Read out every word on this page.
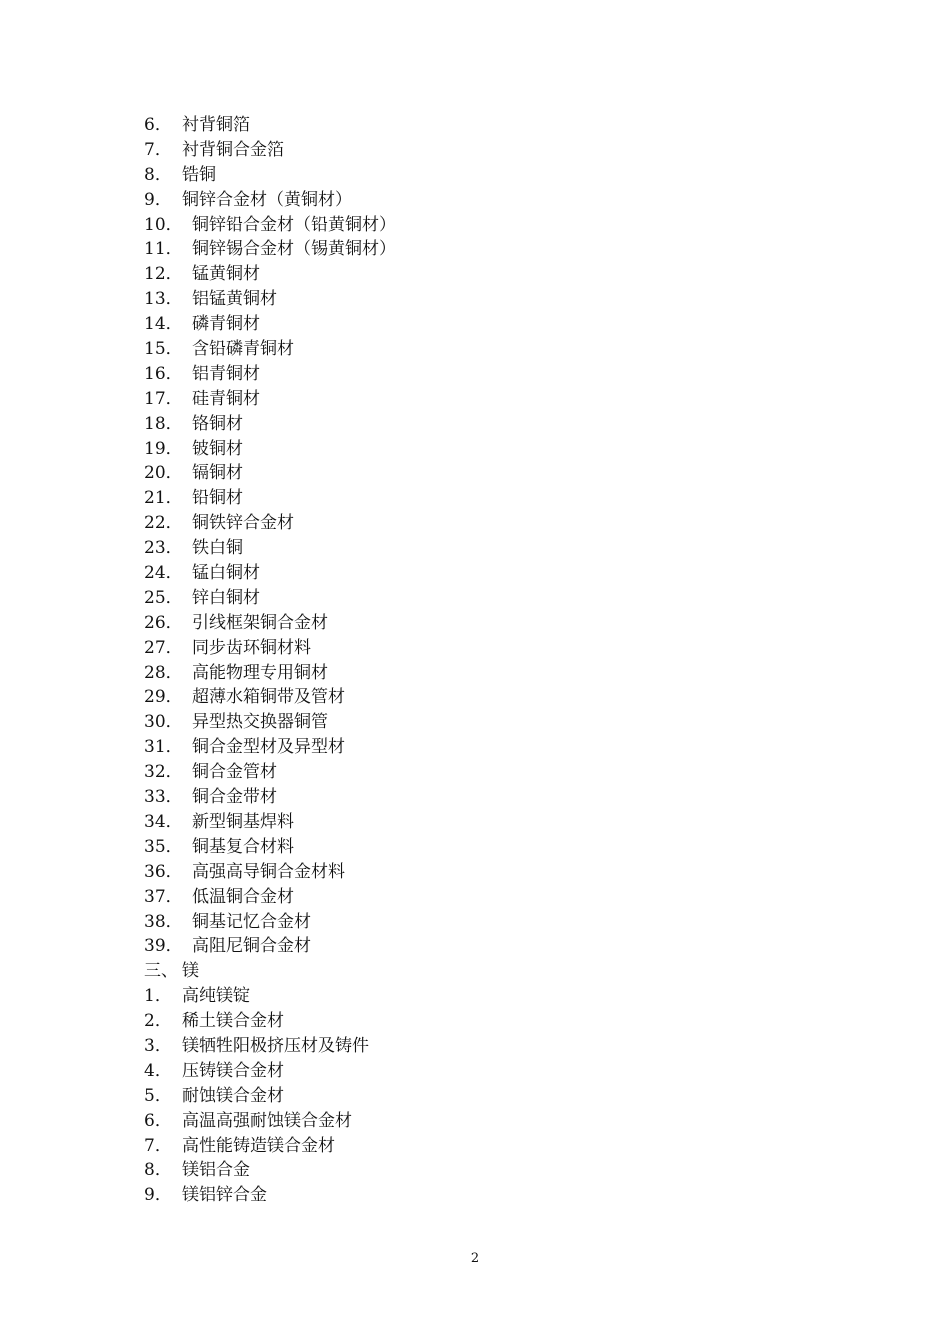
6． 衬背铜箔
7． 衬背铜合金箔
8． 锆铜
9． 铜锌合金材（黄铜材）
10． 铜锌铅合金材（铅黄铜材）
11． 铜锌锡合金材（锡黄铜材）
12． 锰黄铜材
13． 铝锰黄铜材
14． 磷青铜材
15． 含铅磷青铜材
16． 铝青铜材
17． 硅青铜材
18． 铬铜材
19． 铍铜材
20． 镉铜材
21． 铅铜材
22． 铜铁锌合金材
23． 铁白铜
24． 锰白铜材
25． 锌白铜材
26． 引线框架铜合金材
27． 同步齿环铜材料
28． 高能物理专用铜材
29． 超薄水箱铜带及管材
30． 异型热交换器铜管
31． 铜合金型材及异型材
32． 铜合金管材
33． 铜合金带材
34． 新型铜基焊料
35． 铜基复合材料
36． 高强高导铜合金材料
37． 低温铜合金材
38． 铜基记忆合金材
39． 高阻尼铜合金材
三、 镁
1． 高纯镁锭
2． 稀土镁合金材
3． 镁牺牲阳极挤压材及铸件
4． 压铸镁合金材
5． 耐蚀镁合金材
6． 高温高强耐蚀镁合金材
7． 高性能铸造镁合金材
8． 镁铝合金
9． 镁铝锌合金
2
